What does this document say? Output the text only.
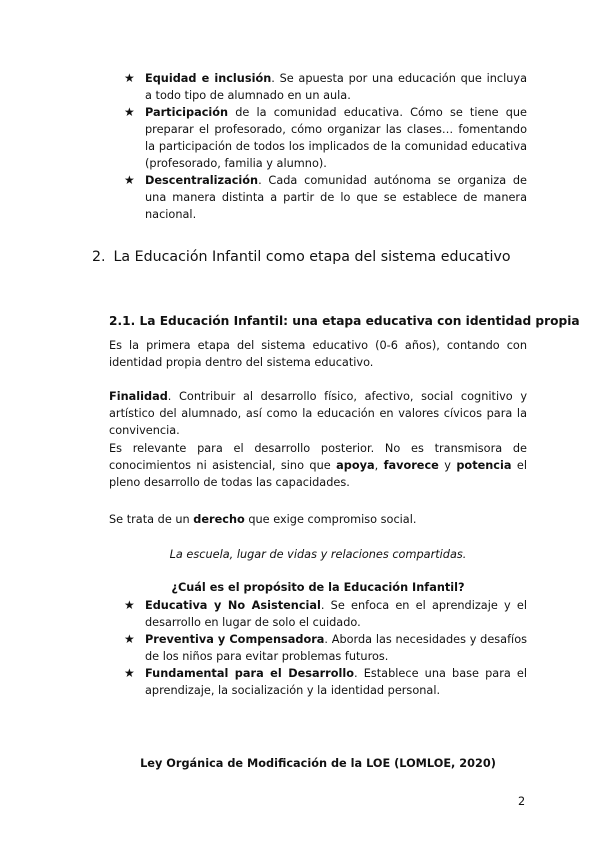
★ Equidad e inclusión. Se apuesta por una educación que incluya a todo tipo de alumnado en un aula.
★ Participación de la comunidad educativa. Cómo se tiene que preparar el profesorado, cómo organizar las clases… fomentando la participación de todos los implicados de la comunidad educativa (profesorado, familia y alumno).
★ Descentralización. Cada comunidad autónoma se organiza de una manera distinta a partir de lo que se establece de manera nacional.
2. La Educación Infantil como etapa del sistema educativo
2.1. La Educación Infantil: una etapa educativa con identidad propia

Es la primera etapa del sistema educativo (0-6 años), contando con identidad propia dentro del sistema educativo.

Finalidad. Contribuir al desarrollo físico, afectivo, social cognitivo y artístico del alumnado, así como la educación en valores cívicos para la convivencia.

Es relevante para el desarrollo posterior. No es transmisora de conocimientos ni asistencial, sino que apoya, favorece y potencia el pleno desarrollo de todas las capacidades.

Se trata de un derecho que exige compromiso social.

La escuela, lugar de vidas y relaciones compartidas.
¿Cuál es el propósito de la Educación Infantil?
★ Educativa y No Asistencial. Se enfoca en el aprendizaje y el desarrollo en lugar de solo el cuidado.
★ Preventiva y Compensadora. Aborda las necesidades y desafíos de los niños para evitar problemas futuros.
★ Fundamental para el Desarrollo. Establece una base para el aprendizaje, la socialización y la identidad personal.
Ley Orgánica de Modificación de la LOE (LOMLOE, 2020)
2
